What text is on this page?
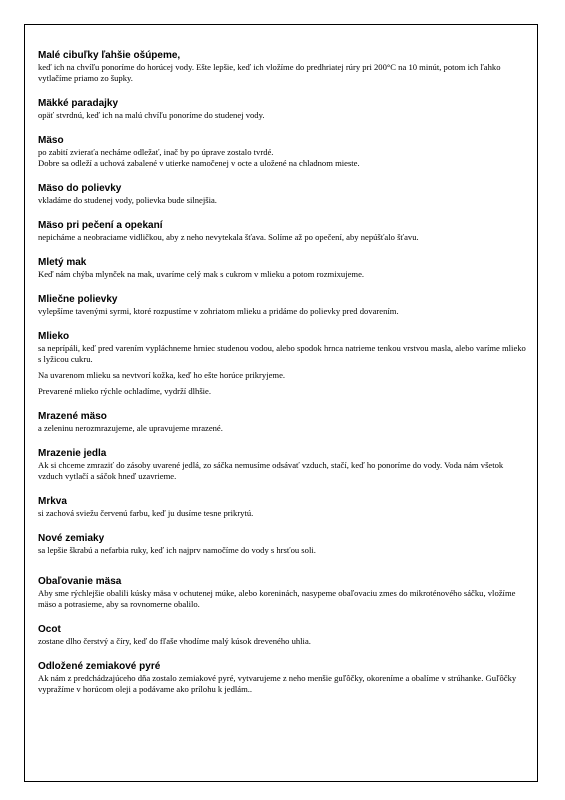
Malé cibuľky ľahšie ošúpeme,

keď ich na chvíľu ponoríme do horúcej vody. Ešte lepšie, keď ich vložíme do predhriatej rúry pri 200°C na 10 minút, potom ich ľahko vytlačíme priamo zo šupky.

Mäkké paradajky

opäť stvrdnú, keď ich na malú chvíľu ponoríme do studenej vody.

Mäso

po zabití zvieraťa necháme odležať, inač by po úprave zostalo tvrdé.
Dobre sa odleží a uchová zabalené v utierke namočenej v octe a uložené na chladnom mieste.

Mäso do polievky

vkladáme do studenej vody, polievka bude silnejšia.

Mäso pri pečení a opekaní

nepicháme a neobraciame vidličkou, aby z neho nevytekala šťava. Solíme až po opečení, aby nepúšťalo šťavu.

Mletý mak

Keď nám chýba mlynček na mak, uvaríme celý mak s cukrom v mlieku a potom rozmixujeme.

Mliečne polievky

vylepšíme tavenými syrmi, ktoré rozpustíme v zohriatom mlieku a pridáme do polievky pred dovarením.

Mlieko

sa neprípáli, keď pred varením vypláchneme hrniec studenou vodou, alebo spodok hrnca natrieme tenkou vrstvou masla, alebo varíme mlieko s lyžicou cukru.

Na uvarenom mlieku sa nevtvorí kožka, keď ho ešte horúce prikryjeme.

Prevarené mlieko rýchle ochladíme, vydrží dlhšie.

Mrazené mäso

a zeleninu nerozmrazujeme, ale upravujeme mrazené.

Mrazenie jedla

Ak si chceme zmraziť do zásoby uvarené jedlá, zo sáčka nemusíme odsávať vzduch, stačí, keď ho ponoríme do vody. Voda nám všetok vzduch vytlačí a sáčok hneď uzavrieme.

Mrkva

si zachová sviežu červenú farbu, keď ju dusíme tesne prikrytú.

Nové zemiaky

sa lepšie škrabú a nefarbia ruky, keď ich najprv namočíme do vody s hrsťou soli.

Obaľovanie mäsa

Aby sme rýchlejšie obalili kúsky mäsa v ochutenej múke, alebo koreninách, nasypeme obaľovaciu zmes do mikroténového sáčku, vložíme mäso a potrasieme, aby sa rovnomerne obalilo.

Ocot

zostane dlho čerstvý a číry, keď do fľaše vhodíme malý kúsok dreveného uhlia.

Odložené zemiakové pyré

Ak nám z predchádzajúceho dňa zostalo zemiakové pyré, vytvarujeme z neho menšie guľôčky, okoreníme a obalíme v strúhanke. Guľôčky vypražíme v horúcom oleji a podávame ako prílohu k jedlám..
